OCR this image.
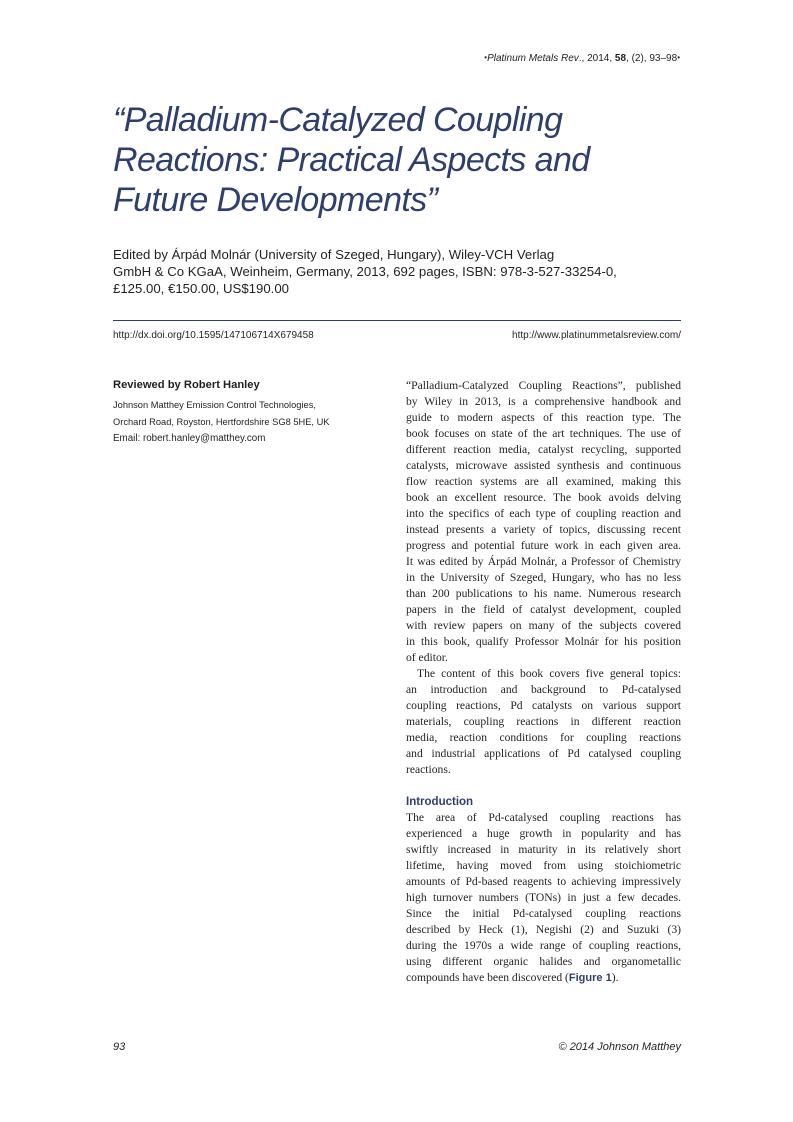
•Platinum Metals Rev., 2014, 58, (2), 93–98•
“Palladium-Catalyzed Coupling
Reactions: Practical Aspects and
Future Developments”
Edited by Árpád Molnár (University of Szeged, Hungary), Wiley-VCH Verlag
GmbH & Co KGaA, Weinheim, Germany, 2013, 692 pages, ISBN: 978-3-527-33254-0,
£125.00, €150.00, US$190.00
http://dx.doi.org/10.1595/147106714X679458	http://www.platinummetalsreview.com/
Reviewed by Robert Hanley
Johnson Matthey Emission Control Technologies,
Orchard Road, Royston, Hertfordshire SG8 5HE, UK
Email: robert.hanley@matthey.com
“Palladium-Catalyzed Coupling Reactions”, published
by Wiley in 2013, is a comprehensive handbook and
guide to modern aspects of this reaction type. The
book focuses on state of the art techniques. The use of
different reaction media, catalyst recycling, supported
catalysts, microwave assisted synthesis and continuous
flow reaction systems are all examined, making this
book an excellent resource. The book avoids delving
into the specifics of each type of coupling reaction and
instead presents a variety of topics, discussing recent
progress and potential future work in each given area.
It was edited by Árpád Molnár, a Professor of Chemistry
in the University of Szeged, Hungary, who has no less
than 200 publications to his name. Numerous research
papers in the field of catalyst development, coupled
with review papers on many of the subjects covered
in this book, qualify Professor Molnár for his position
of editor.
The content of this book covers five general topics:
an introduction and background to Pd-catalysed
coupling reactions, Pd catalysts on various support
materials, coupling reactions in different reaction
media, reaction conditions for coupling reactions
and industrial applications of Pd catalysed coupling
reactions.
Introduction
The area of Pd-catalysed coupling reactions has
experienced a huge growth in popularity and has
swiftly increased in maturity in its relatively short
lifetime, having moved from using stoichiometric
amounts of Pd-based reagents to achieving impressively
high turnover numbers (TONs) in just a few decades.
Since the initial Pd-catalysed coupling reactions
described by Heck (1), Negishi (2) and Suzuki (3)
during the 1970s a wide range of coupling reactions,
using different organic halides and organometallic
compounds have been discovered (Figure 1).
93	© 2014 Johnson Matthey
